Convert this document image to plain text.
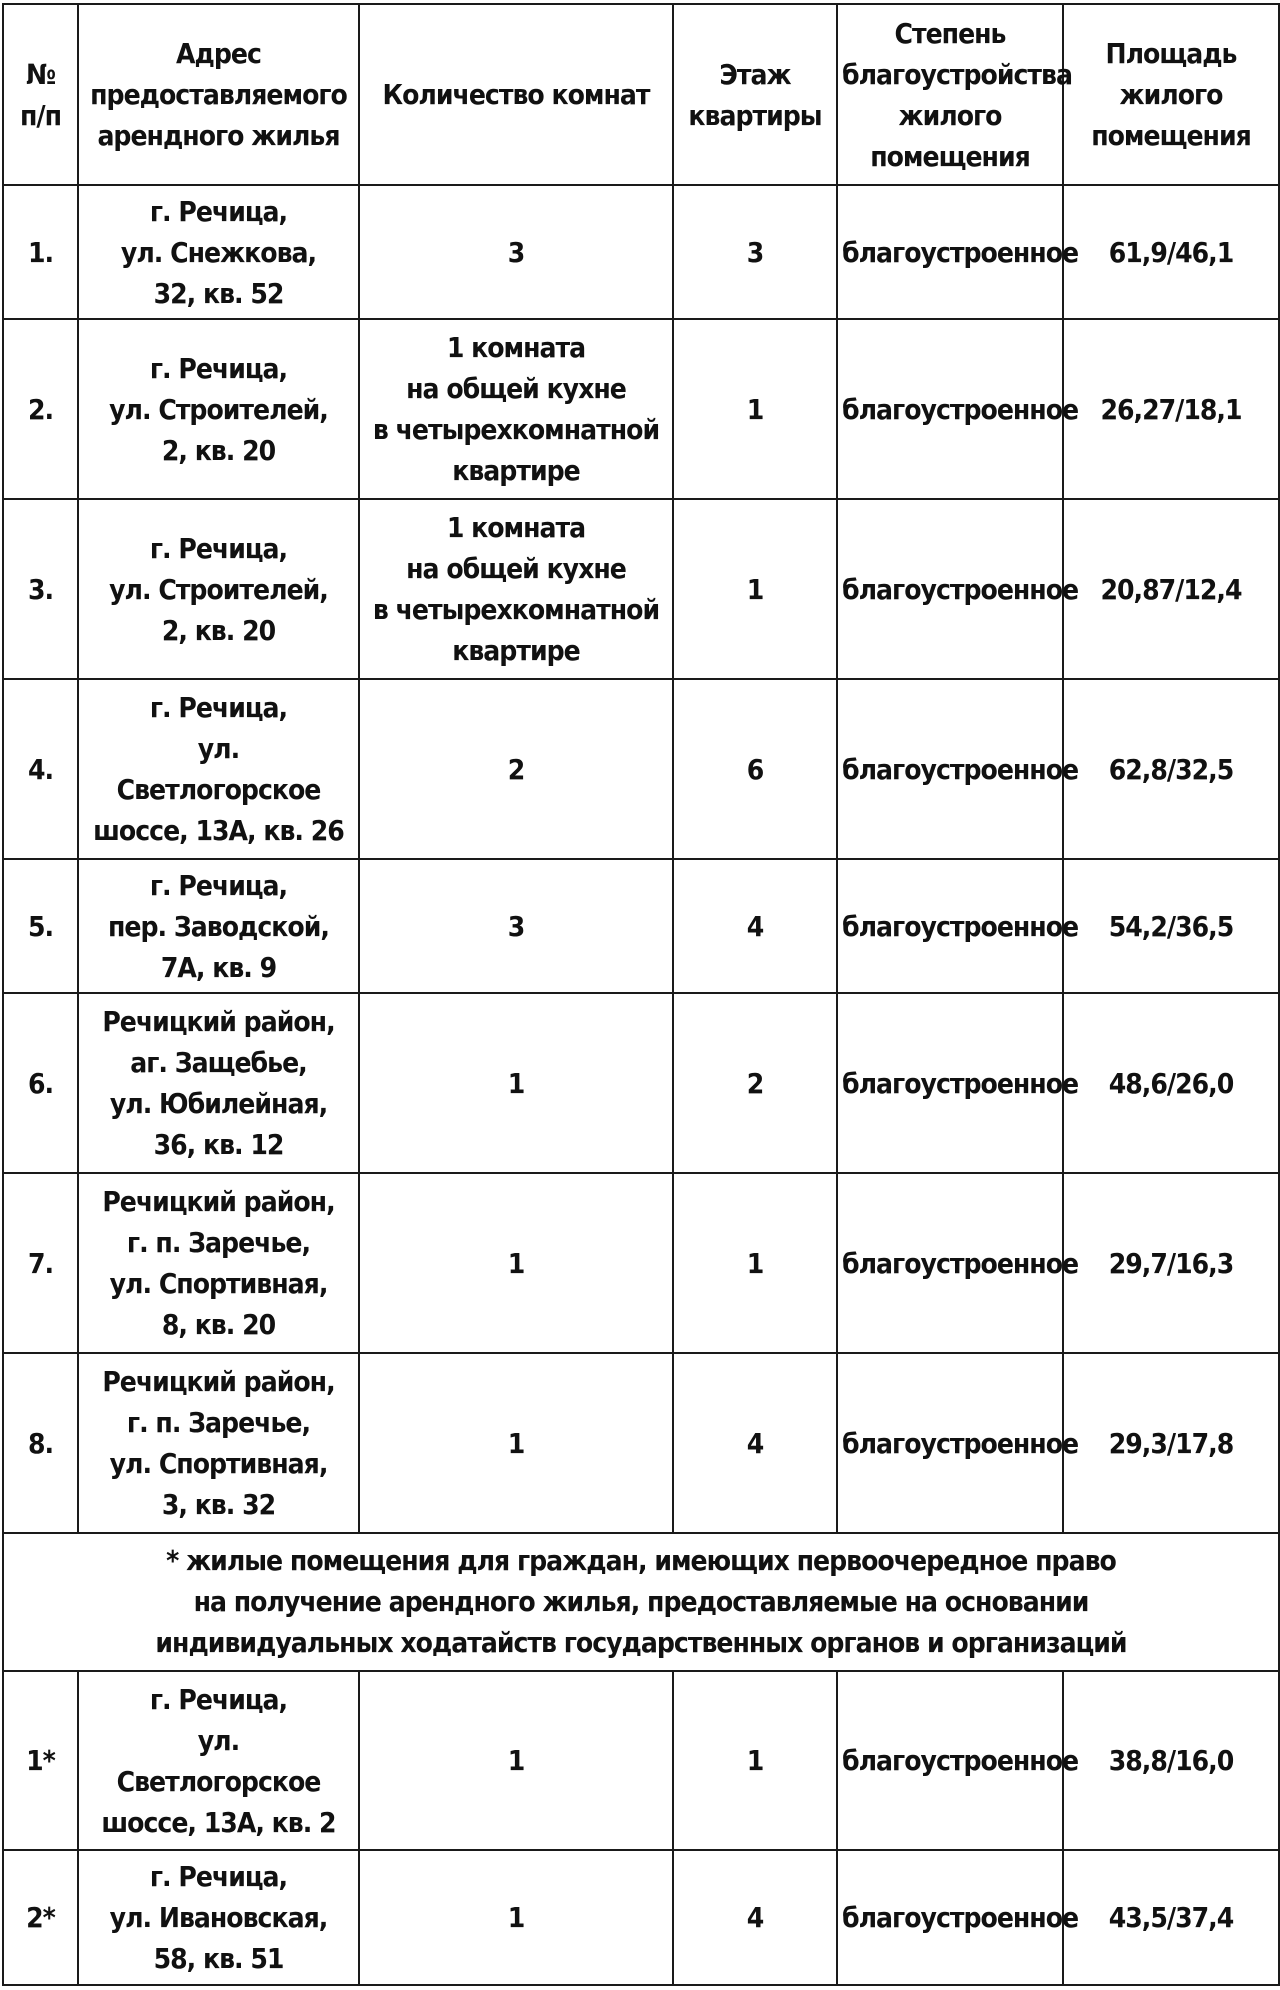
№
п/п	Адрес
предоставляемого
арендного жилья	Количество комнат	Этаж
квартиры	Степень
благоустройства
жилого
помещения	Площадь
жилого
помещения

1.	г. Речица,
ул. Снежкова,
32, кв. 52	3	3	благоустроенное	61,9/46,1
2.	г. Речица,
ул. Строителей,
2, кв. 20	1 комната
на общей кухне
в четырехкомнатной
квартире	1	благоустроенное	26,27/18,1
3.	г. Речица,
ул. Строителей,
2, кв. 20	1 комната
на общей кухне
в четырехкомнатной
квартире	1	благоустроенное	20,87/12,4
4.	г. Речица,
ул.
Светлогорское
шоссе, 13А, кв. 26	2	6	благоустроенное	62,8/32,5
5.	г. Речица,
пер. Заводской,
7А, кв. 9	3	4	благоустроенное	54,2/36,5
6.	Речицкий район,
аг. Защебье,
ул. Юбилейная,
36, кв. 12	1	2	благоустроенное	48,6/26,0
7.	Речицкий район,
г. п. Заречье,
ул. Спортивная,
8, кв. 20	1	1	благоустроенное	29,7/16,3
8.	Речицкий район,
г. п. Заречье,
ул. Спортивная,
3, кв. 32	1	4	благоустроенное	29,3/17,8

* жилые помещения для граждан, имеющих первоочередное право
на получение арендного жилья, предоставляемые на основании
индивидуальных ходатайств государственных органов и организаций					

1*	г. Речица,
ул.
Светлогорское
шоссе, 13А, кв. 2	1	1	благоустроенное	38,8/16,0
2*	г. Речица,
ул. Ивановская,
58, кв. 51	1	4	благоустроенное	43,5/37,4
